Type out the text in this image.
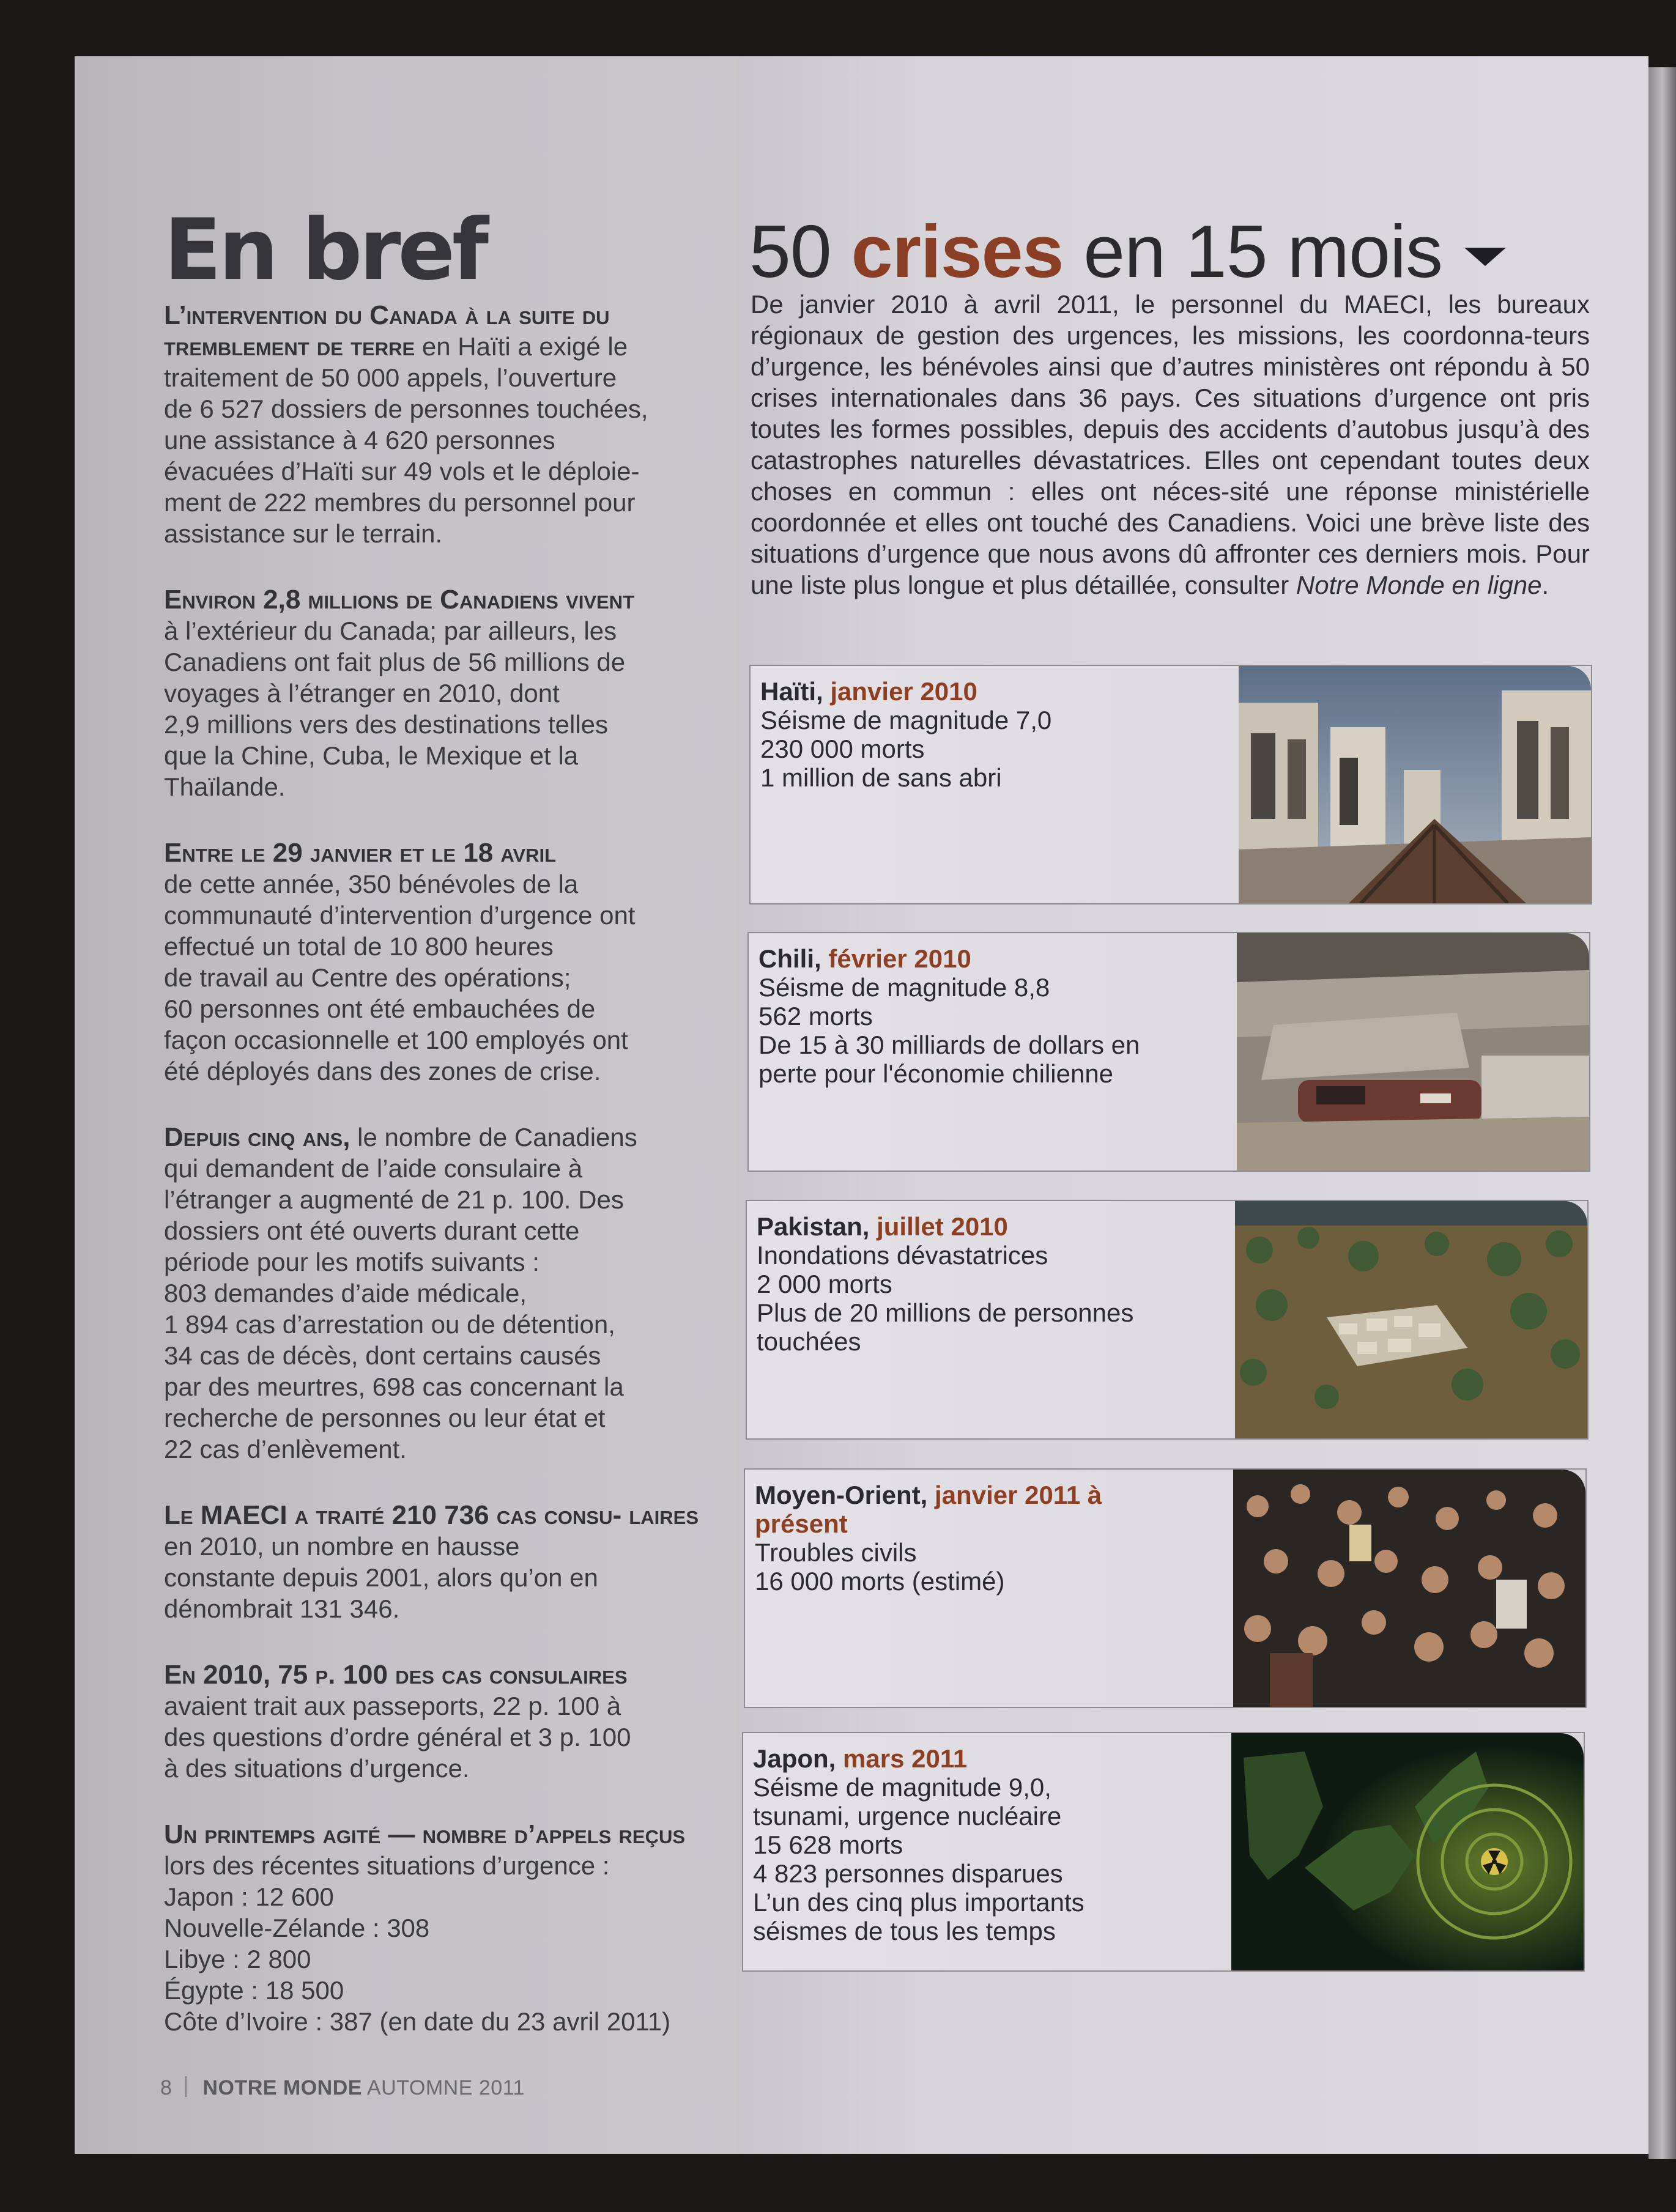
En bref
L’intervention du Canada à la suite du tremblement de terre en Haïti a exigé le
traitement de 50 000 appels, l’ouverture
de 6 527 dossiers de personnes touchées,
une assistance à 4 620 personnes
évacuées d’Haïti sur 49 vols et le déploie-
ment de 222 membres du personnel pour
assistance sur le terrain.
Environ 2,8 millions de Canadiens vivent
à l’extérieur du Canada; par ailleurs, les
Canadiens ont fait plus de 56 millions de
voyages à l’étranger en 2010, dont
2,9 millions vers des destinations telles
que la Chine, Cuba, le Mexique et la
Thaïlande.
Entre le 29 janvier et le 18 avril
de cette année, 350 bénévoles de la
communauté d’intervention d’urgence ont
effectué un total de 10 800 heures
de travail au Centre des opérations;
60 personnes ont été embauchées de
façon occasionnelle et 100 employés ont
été déployés dans des zones de crise.
Depuis cinq ans, le nombre de Canadiens
qui demandent de l’aide consulaire à
l’étranger a augmenté de 21 p. 100. Des
dossiers ont été ouverts durant cette
période pour les motifs suivants :
803 demandes d’aide médicale,
1 894 cas d’arrestation ou de détention,
34 cas de décès, dont certains causés
par des meurtres, 698 cas concernant la
recherche de personnes ou leur état et
22 cas d’enlèvement.
Le MAECI a traité 210 736 cas consu- laires en 2010, un nombre en hausse
constante depuis 2001, alors qu’on en
dénombrait 131 346.
En 2010, 75 p. 100 des cas consulaires
avaient trait aux passeports, 22 p. 100 à
des questions d’ordre général et 3 p. 100
à des situations d’urgence.
Un printemps agité — nombre d’appels reçus lors des récentes situations d’urgence :
Japon : 12 600
Nouvelle-Zélande : 308
Libye : 2 800
Égypte : 18 500
Côte d’Ivoire : 387 (en date du 23 avril 2011)
8 NOTRE MONDE AUTOMNE 2011
50 crises en 15 mois
De janvier 2010 à avril 2011, le personnel du MAECI, les bureaux régionaux de gestion des urgences, les missions, les coordonna-teurs d’urgence, les bénévoles ainsi que d’autres ministères ont répondu à 50 crises internationales dans 36 pays. Ces situations d’urgence ont pris toutes les formes possibles, depuis des accidents d’autobus jusqu’à des catastrophes naturelles dévastatrices. Elles ont cependant toutes deux choses en commun : elles ont néces-sité une réponse ministérielle coordonnée et elles ont touché des Canadiens. Voici une brève liste des situations d’urgence que nous avons dû affronter ces derniers mois. Pour une liste plus longue et plus détaillée, consulter Notre Monde en ligne.
Haïti, janvier 2010
Séisme de magnitude 7,0
230 000 morts
1 million de sans abri
Chili, février 2010
Séisme de magnitude 8,8
562 morts
De 15 à 30 milliards de dollars en
perte pour l'économie chilienne
Pakistan, juillet 2010
Inondations dévastatrices
2 000 morts
Plus de 20 millions de personnes
touchées
Moyen-Orient, janvier 2011 à présent
Troubles civils
16 000 morts (estimé)
Japon, mars 2011
Séisme de magnitude 9,0,
tsunami, urgence nucléaire
15 628 morts
4 823 personnes disparues
L’un des cinq plus importants
séismes de tous les temps
